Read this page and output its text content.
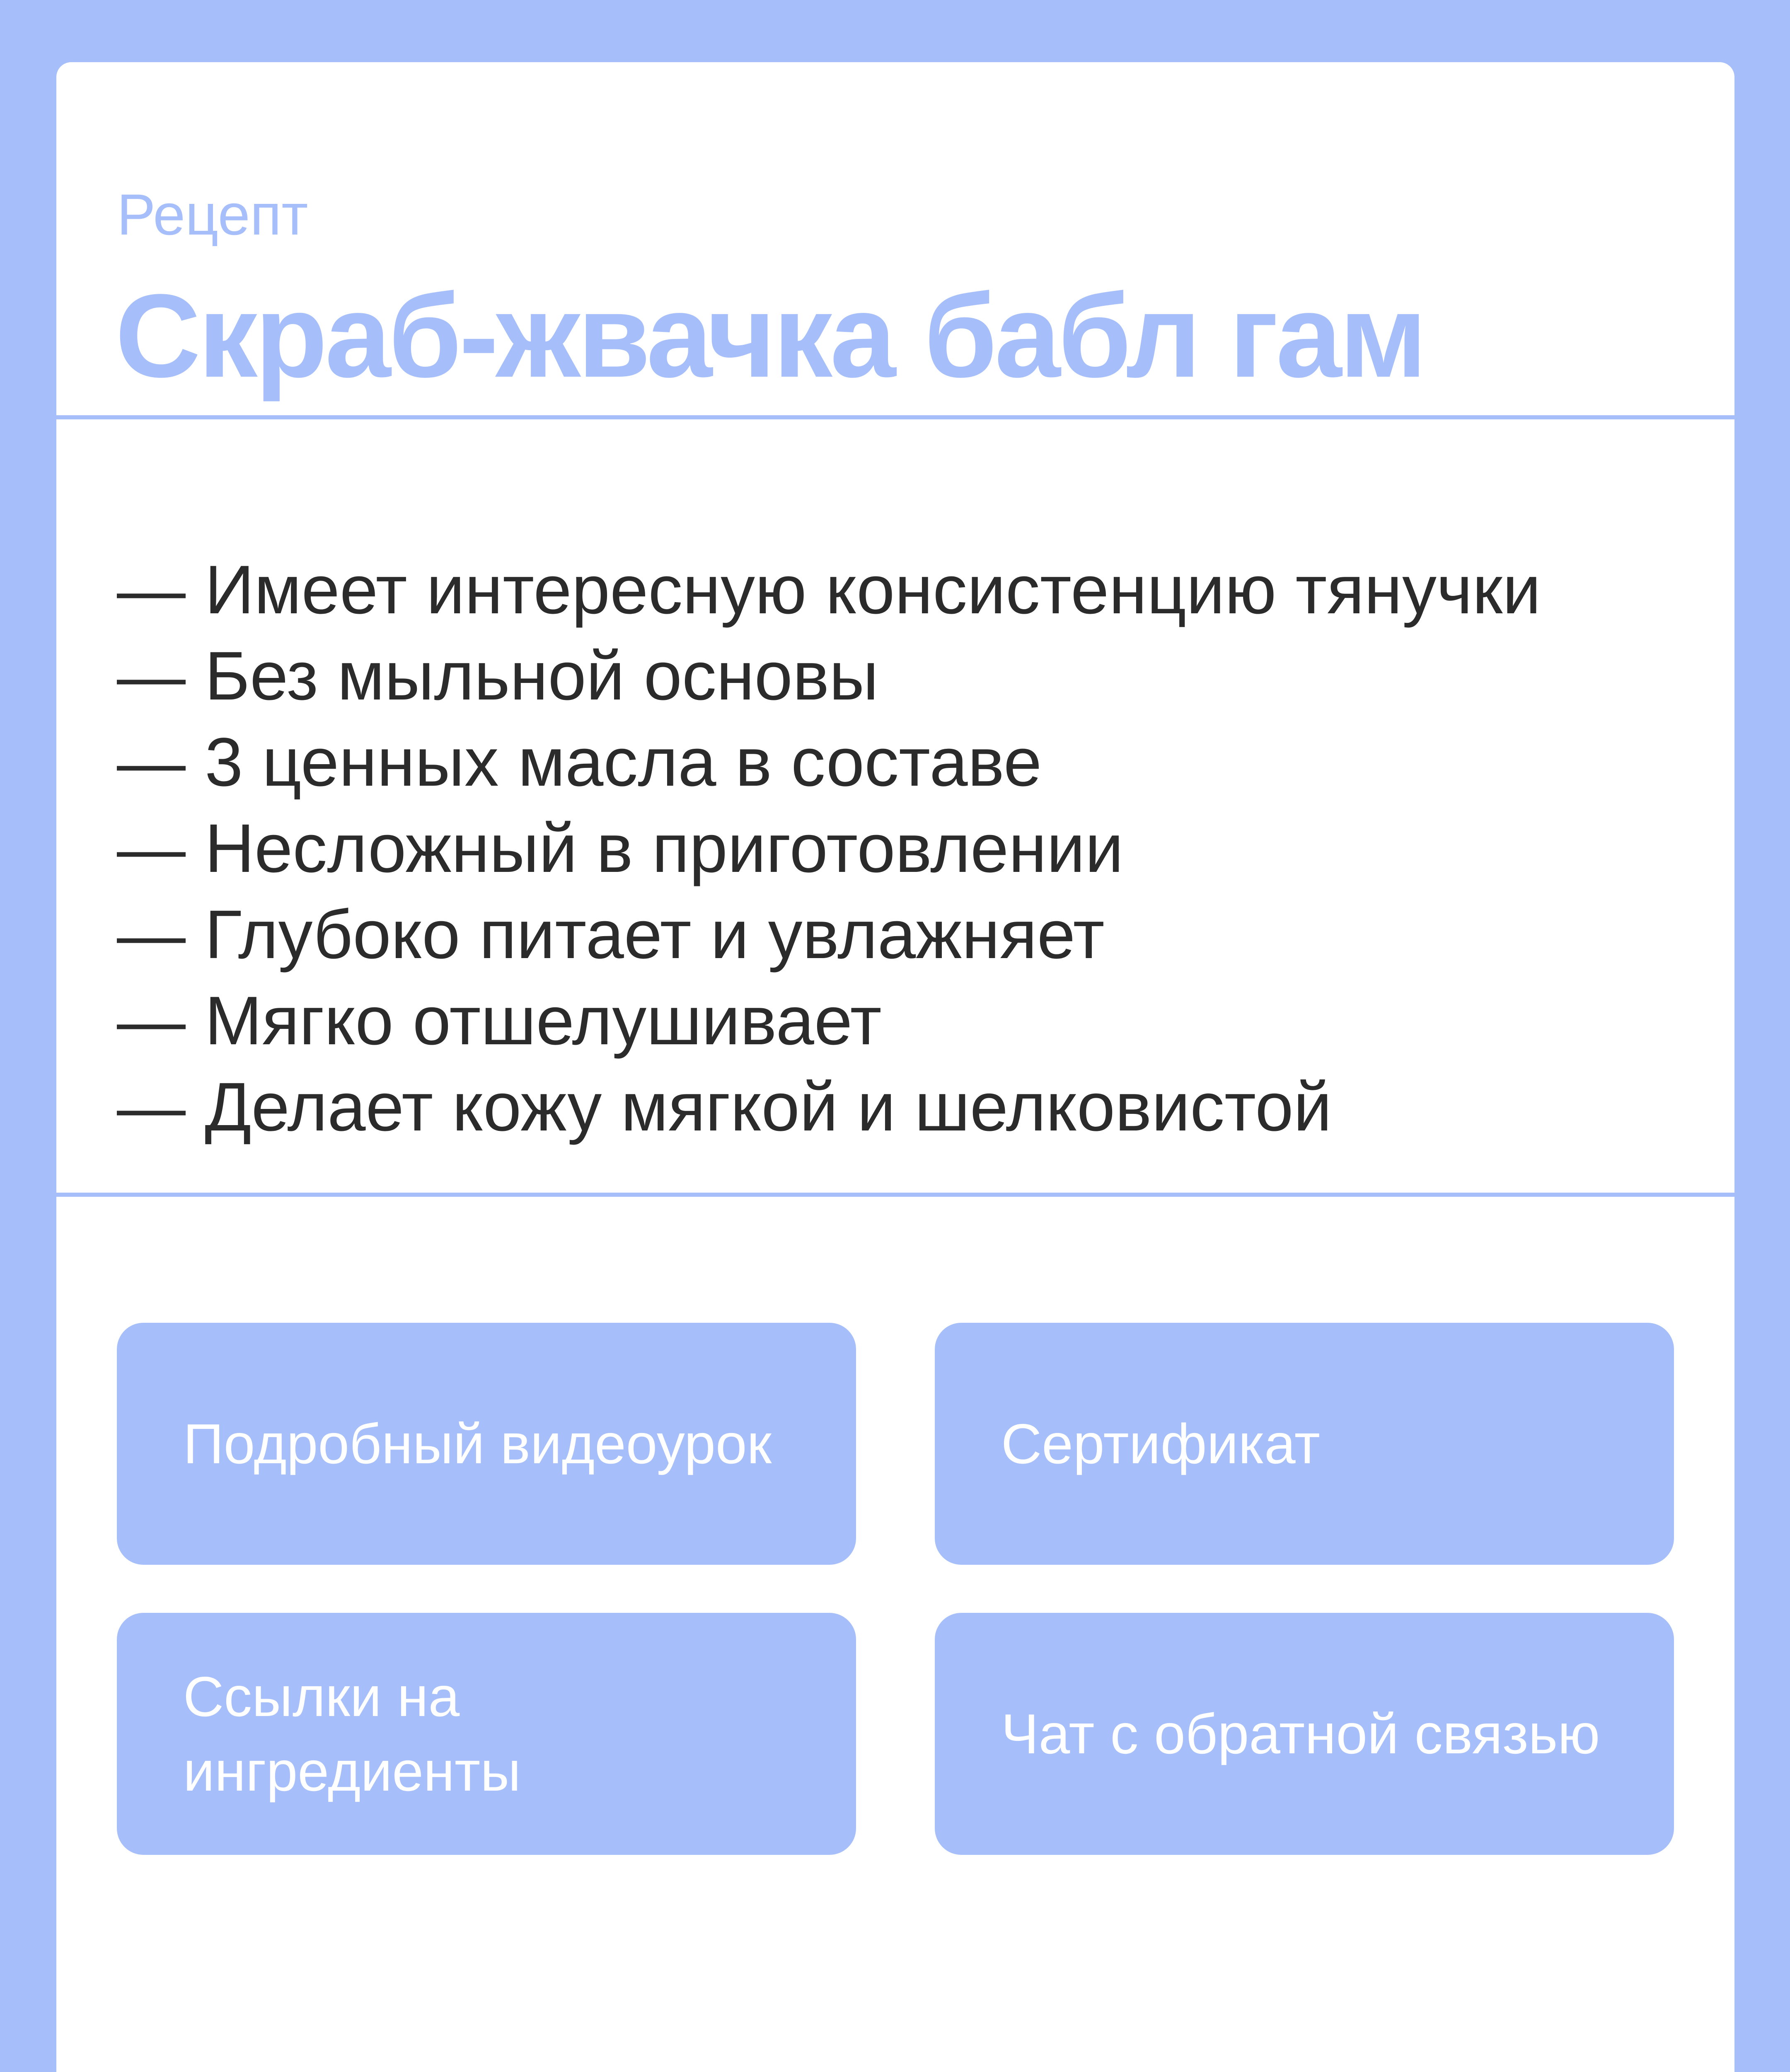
Рецепт
Скраб-жвачка бабл гам
— Имеет интересную консистенцию тянучки
— Без мыльной основы
— 3 ценных масла в составе
— Несложный в приготовлении
— Глубоко питает и увлажняет
— Мягко отшелушивает
— Делает кожу мягкой и шелковистой
Подробный видеоурок	Сертификат
Ссылки на ингредиенты
Чат с обратной связью
